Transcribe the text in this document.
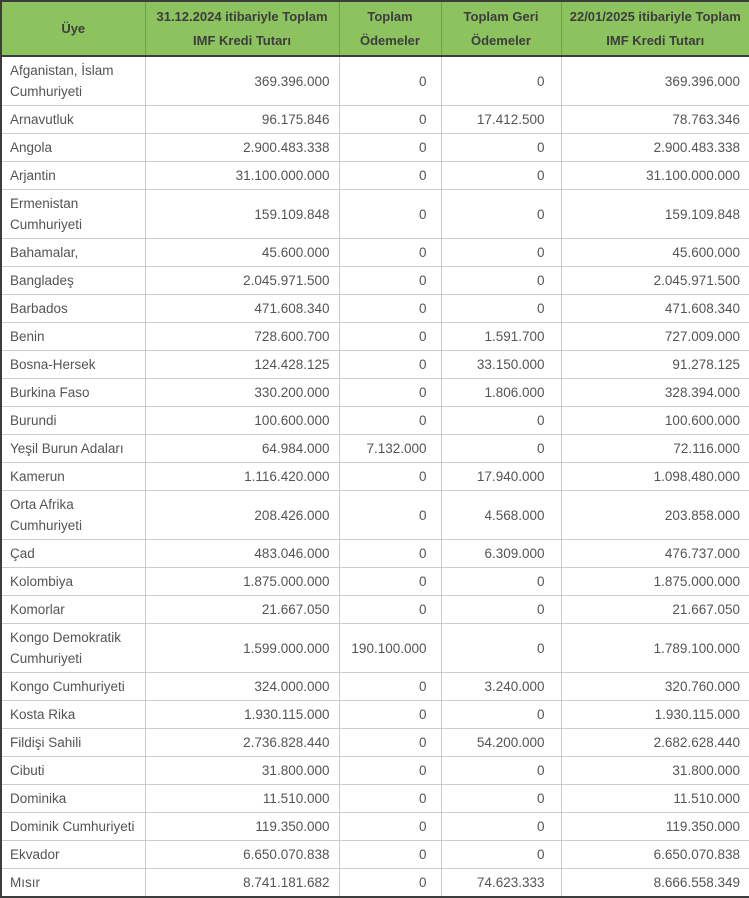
Üye	31.12.2024 itibariyle Toplam IMF Kredi Tutarı	Toplam Ödemeler	Toplam Geri Ödemeler	22/01/2025 itibariyle Toplam IMF Kredi Tutarı
Afganistan, İslam Cumhuriyeti	369.396.000	0	0	369.396.000
Arnavutluk	96.175.846	0	17.412.500	78.763.346
Angola	2.900.483.338	0	0	2.900.483.338
Arjantin	31.100.000.000	0	0	31.100.000.000
Ermenistan Cumhuriyeti	159.109.848	0	0	159.109.848
Bahamalar,	45.600.000	0	0	45.600.000
Bangladeş	2.045.971.500	0	0	2.045.971.500
Barbados	471.608.340	0	0	471.608.340
Benin	728.600.700	0	1.591.700	727.009.000
Bosna-Hersek	124.428.125	0	33.150.000	91.278.125
Burkina Faso	330.200.000	0	1.806.000	328.394.000
Burundi	100.600.000	0	0	100.600.000
Yeşil Burun Adaları	64.984.000	7.132.000	0	72.116.000
Kamerun	1.116.420.000	0	17.940.000	1.098.480.000
Orta Afrika Cumhuriyeti	208.426.000	0	4.568.000	203.858.000
Çad	483.046.000	0	6.309.000	476.737.000
Kolombiya	1.875.000.000	0	0	1.875.000.000
Komorlar	21.667.050	0	0	21.667.050
Kongo Demokratik Cumhuriyeti	1.599.000.000	190.100.000	0	1.789.100.000
Kongo Cumhuriyeti	324.000.000	0	3.240.000	320.760.000
Kosta Rika	1.930.115.000	0	0	1.930.115.000
Fildişi Sahili	2.736.828.440	0	54.200.000	2.682.628.440
Cibuti	31.800.000	0	0	31.800.000
Dominika	11.510.000	0	0	11.510.000
Dominik Cumhuriyeti	119.350.000	0	0	119.350.000
Ekvador	6.650.070.838	0	0	6.650.070.838
Mısır	8.741.181.682	0	74.623.333	8.666.558.349
